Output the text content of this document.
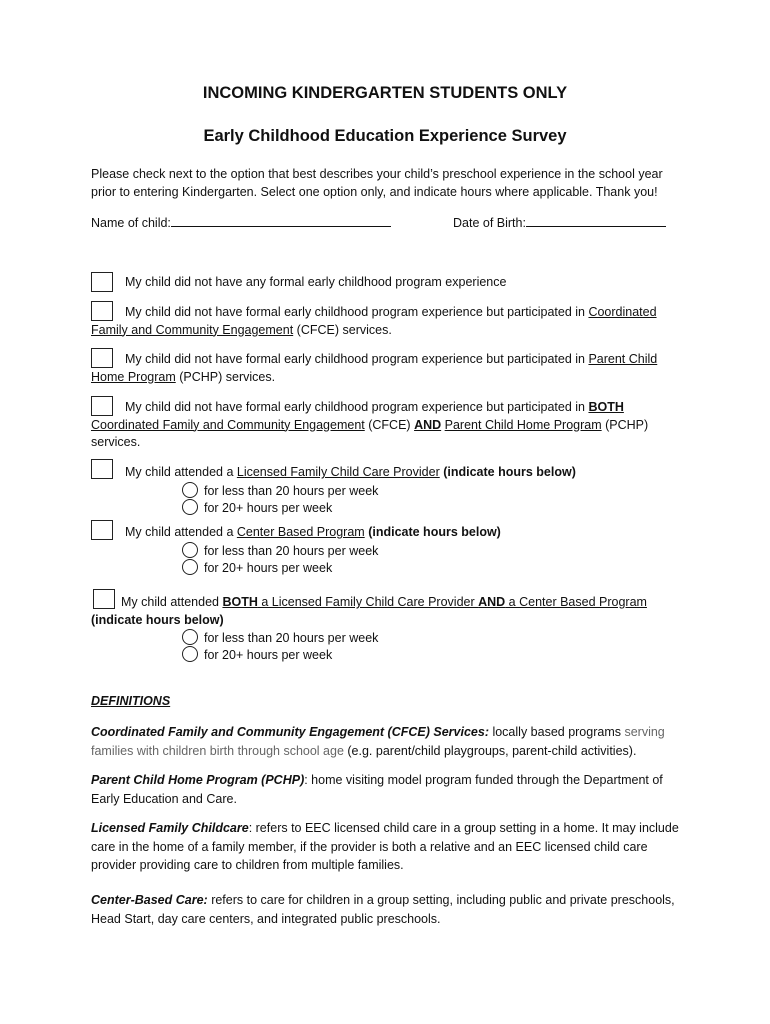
INCOMING KINDERGARTEN STUDENTS ONLY
Early Childhood Education Experience Survey
Please check next to the option that best describes your child’s preschool experience in the school year prior to entering Kindergarten. Select one option only, and indicate hours where applicable. Thank you!
Name of child:	Date of Birth:
My child did not have any formal early childhood program experience
My child did not have formal early childhood program experience but participated in Coordinated Family and Community Engagement (CFCE) services.
My child did not have formal early childhood program experience but participated in Parent Child Home Program (PCHP) services.
My child did not have formal early childhood program experience but participated in BOTH Coordinated Family and Community Engagement (CFCE) AND Parent Child Home Program (PCHP) services.
My child attended a Licensed Family Child Care Provider (indicate hours below)
for less than 20 hours per week
for 20+ hours per week
My child attended a Center Based Program (indicate hours below)
for less than 20 hours per week
for 20+ hours per week
My child attended BOTH a Licensed Family Child Care Provider AND a Center Based Program
(indicate hours below)
for less than 20 hours per week
for 20+ hours per week
DEFINITIONS
Coordinated Family and Community Engagement (CFCE) Services: locally based programs serving families with children birth through school age (e.g. parent/child playgroups, parent-child activities).
Parent Child Home Program (PCHP): home visiting model program funded through the Department of Early Education and Care.
Licensed Family Childcare: refers to EEC licensed child care in a group setting in a home. It may include care in the home of a family member, if the provider is both a relative and an EEC licensed child care provider providing care to children from multiple families.
Center-Based Care: refers to care for children in a group setting, including public and private preschools, Head Start, day care centers, and integrated public preschools.
